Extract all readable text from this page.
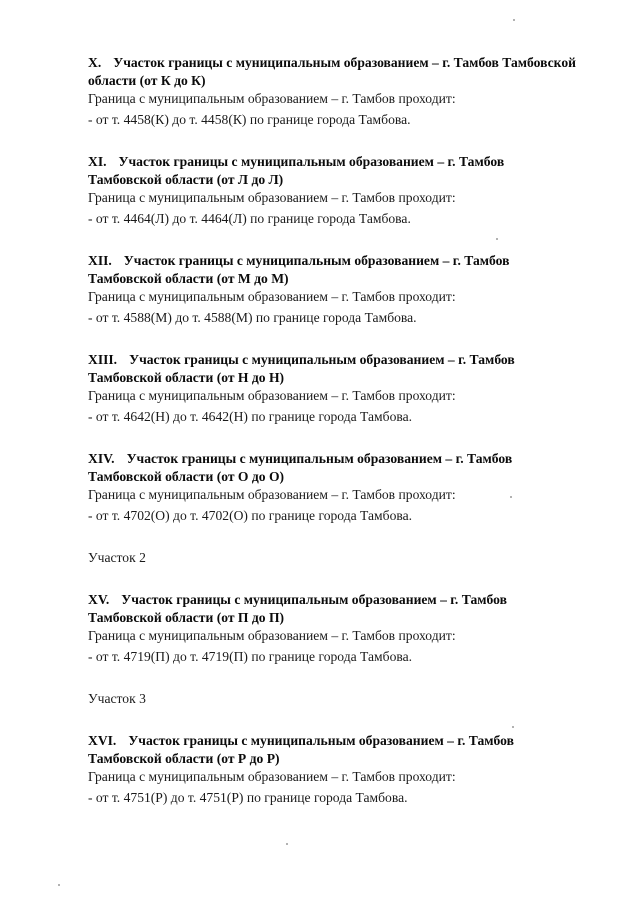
X. Участок границы с муниципальным образованием – г. Тамбов Тамбовской

области (от К до К)

Граница с муниципальным образованием – г. Тамбов проходит:

- от т. 4458(К) до т. 4458(К) по границе города Тамбова.

XI. Участок границы с муниципальным образованием – г. Тамбов

Тамбовской области (от Л до Л)

Граница с муниципальным образованием – г. Тамбов проходит:

- от т. 4464(Л) до т. 4464(Л) по границе города Тамбова.

XII. Участок границы с муниципальным образованием – г. Тамбов

Тамбовской области (от М до М)

Граница с муниципальным образованием – г. Тамбов проходит:

- от т. 4588(М) до т. 4588(М) по границе города Тамбова.

XIII. Участок границы с муниципальным образованием – г. Тамбов

Тамбовской области (от Н до Н)

Граница с муниципальным образованием – г. Тамбов проходит:

- от т. 4642(Н) до т. 4642(Н) по границе города Тамбова.

XIV. Участок границы с муниципальным образованием – г. Тамбов

Тамбовской области (от О до О)

Граница с муниципальным образованием – г. Тамбов проходит:

- от т. 4702(О) до т. 4702(О) по границе города Тамбова.

Участок 2

XV. Участок границы с муниципальным образованием – г. Тамбов

Тамбовской области (от П до П)

Граница с муниципальным образованием – г. Тамбов проходит:

- от т. 4719(П) до т. 4719(П) по границе города Тамбова.

Участок 3

XVI. Участок границы с муниципальным образованием – г. Тамбов

Тамбовской области (от Р до Р)

Граница с муниципальным образованием – г. Тамбов проходит:

- от т. 4751(Р) до т. 4751(Р) по границе города Тамбова.
